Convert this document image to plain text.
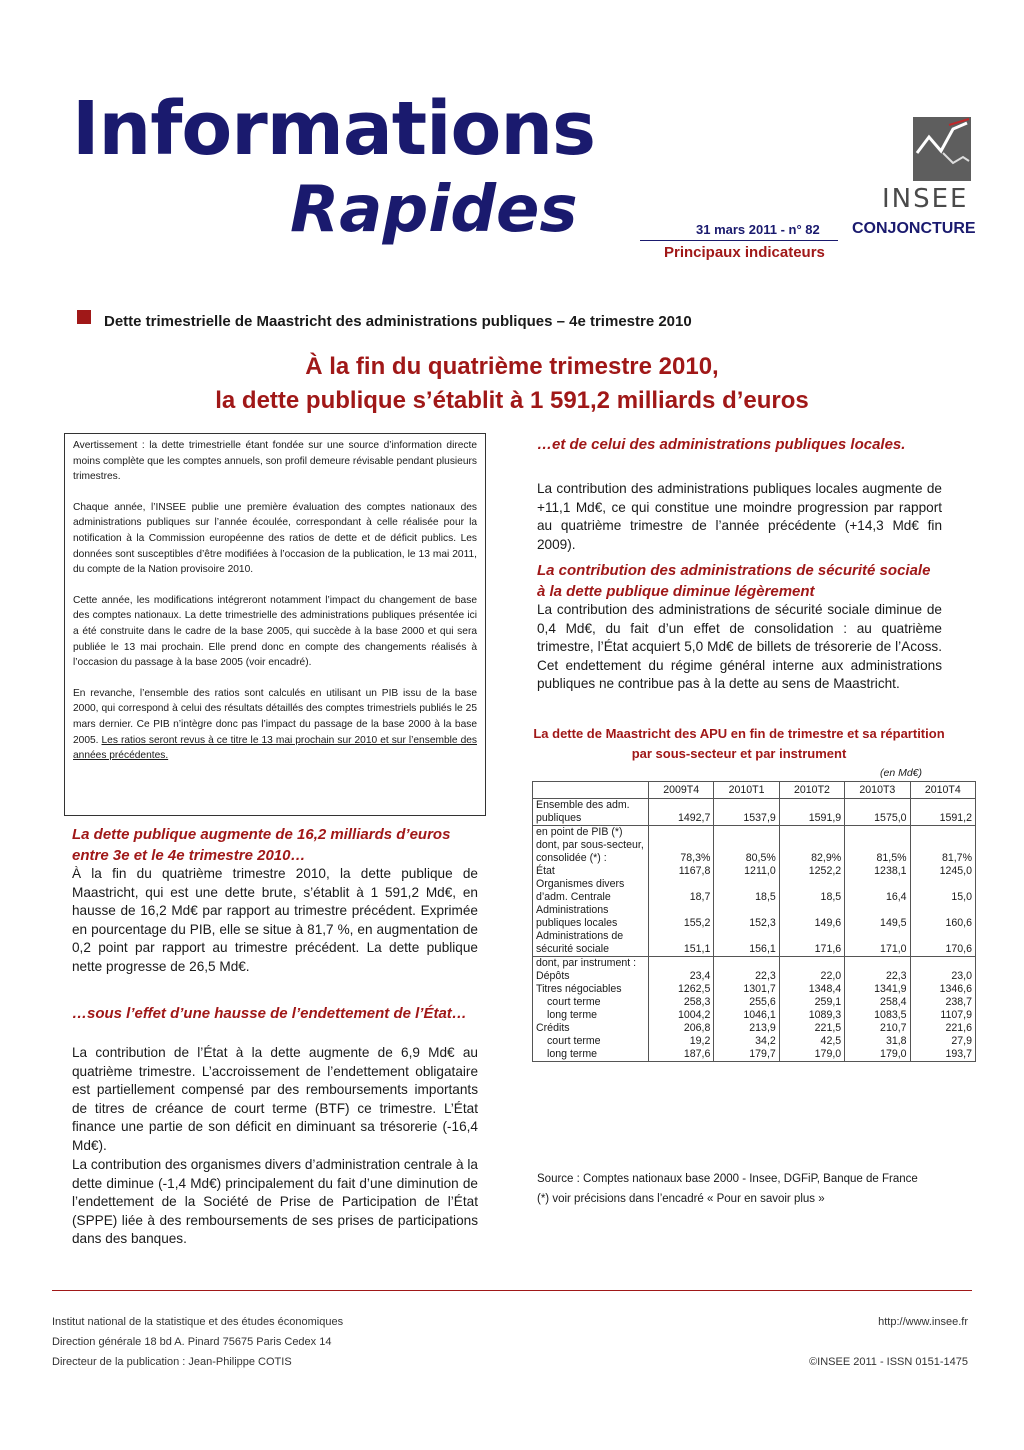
Informations
Rapides	31 mars 2011 - n° 82 CONJONCTURE
Principaux indicateurs
INSEE
Dette trimestrielle de Maastricht des administrations publiques – 4e trimestre 2010
À la fin du quatrième trimestre 2010,
la dette publique s’établit à 1 591,2 milliards d’euros

Avertissement : la dette trimestrielle étant fondée sur une source d’information directe moins complète que les comptes annuels, son profil demeure révisable pendant plusieurs trimestres.

Chaque année, l’INSEE publie une première évaluation des comptes nationaux des administrations publiques sur l’année écoulée, correspondant à celle réalisée pour la notification à la Commission européenne des ratios de dette et de déficit publics. Les données sont susceptibles d’être modifiées à l’occasion de la publication, le 13 mai 2011, du compte de la Nation provisoire 2010.

Cette année, les modifications intégreront notamment l’impact du changement de base des comptes nationaux. La dette trimestrielle des administrations publiques présentée ici a été construite dans le cadre de la base 2005, qui succède à la base 2000 et qui sera publiée le 13 mai prochain. Elle prend donc en compte des changements réalisés à l’occasion du passage à la base 2005 (voir encadré).

En revanche, l’ensemble des ratios sont calculés en utilisant un PIB issu de la base 2000, qui correspond à celui des résultats détaillés des comptes trimestriels publiés le 25 mars dernier. Ce PIB n’intègre donc pas l’impact du passage de la base 2000 à la base 2005. Les ratios seront revus à ce titre le 13 mai prochain sur 2010 et sur l’ensemble des années précédentes.

La dette publique augmente de 16,2 milliards d’euros entre 3e et le 4e trimestre 2010…
À la fin du quatrième trimestre 2010, la dette publique de Maastricht, qui est une dette brute, s’établit à 1 591,2 Md€, en hausse de 16,2 Md€ par rapport au trimestre précédent. Exprimée en pourcentage du PIB, elle se situe à 81,7 %, en augmentation de 0,2 point par rapport au trimestre précédent. La dette publique nette progresse de 26,5 Md€.
…sous l’effet d’une hausse de l’endettement de l’État…
La contribution de l’État à la dette augmente de 6,9 Md€ au quatrième trimestre. L’accroissement de l’endettement obligataire est partiellement compensé par des remboursements importants de titres de créance de court terme (BTF) ce trimestre. L’État finance une partie de son déficit en diminuant sa trésorerie (-16,4 Md€).
La contribution des organismes divers d’administration centrale à la dette diminue (-1,4 Md€) principalement du fait d’une diminution de l’endettement de la Société de Prise de Participation de l’État (SPPE) liée à des remboursements de ses prises de participations dans des banques.
…et de celui des administrations publiques locales.
La contribution des administrations publiques locales augmente de +11,1 Md€, ce qui constitue une moindre progression par rapport au quatrième trimestre de l’année précédente (+14,3 Md€ fin 2009).
La contribution des administrations de sécurité sociale à la dette publique diminue légèrement
La contribution des administrations de sécurité sociale diminue de 0,4 Md€, du fait d’un effet de consolidation : au quatrième trimestre, l’État acquiert 5,0 Md€ de billets de trésorerie de l’Acoss. Cet endettement du régime général interne aux administrations publiques ne contribue pas à la dette au sens de Maastricht.
La dette de Maastricht des APU en fin de trimestre et sa répartition par sous-secteur et par instrument
(en Md€)
	2009T4	2010T1	2010T2	2010T3	2010T4
Ensemble des adm. publiques	1492,7	1537,9	1591,9	1575,0	1591,2
en point de PIB (*) dont, par sous-secteur, consolidée (*) :	78,3%	80,5%	82,9%	81,5%	81,7%
État	1167,8	1211,0	1252,2	1238,1	1245,0
Organismes divers d’adm. Centrale	18,7	18,5	18,5	16,4	15,0
Administrations publiques locales	155,2	152,3	149,6	149,5	160,6
Administrations de sécurité sociale	151,1	156,1	171,6	171,0	170,6
dont, par instrument :					
Dépôts	23,4	22,3	22,0	22,3	23,0
Titres négociables	1262,5	1301,7	1348,4	1341,9	1346,6
court terme	258,3	255,6	259,1	258,4	238,7
long terme	1004,2	1046,1	1089,3	1083,5	1107,9
Crédits	206,8	213,9	221,5	210,7	221,6
court terme	19,2	34,2	42,5	31,8	27,9
long terme	187,6	179,7	179,0	179,0	193,7
Source : Comptes nationaux base 2000 - Insee, DGFiP, Banque de France
(*) voir précisions dans l’encadré « Pour en savoir plus »
Institut national de la statistique et des études économiques
Direction générale 18 bd A. Pinard 75675 Paris Cedex 14
Directeur de la publication : Jean-Philippe COTIS
http://www.insee.fr

©INSEE 2011 - ISSN 0151-1475
